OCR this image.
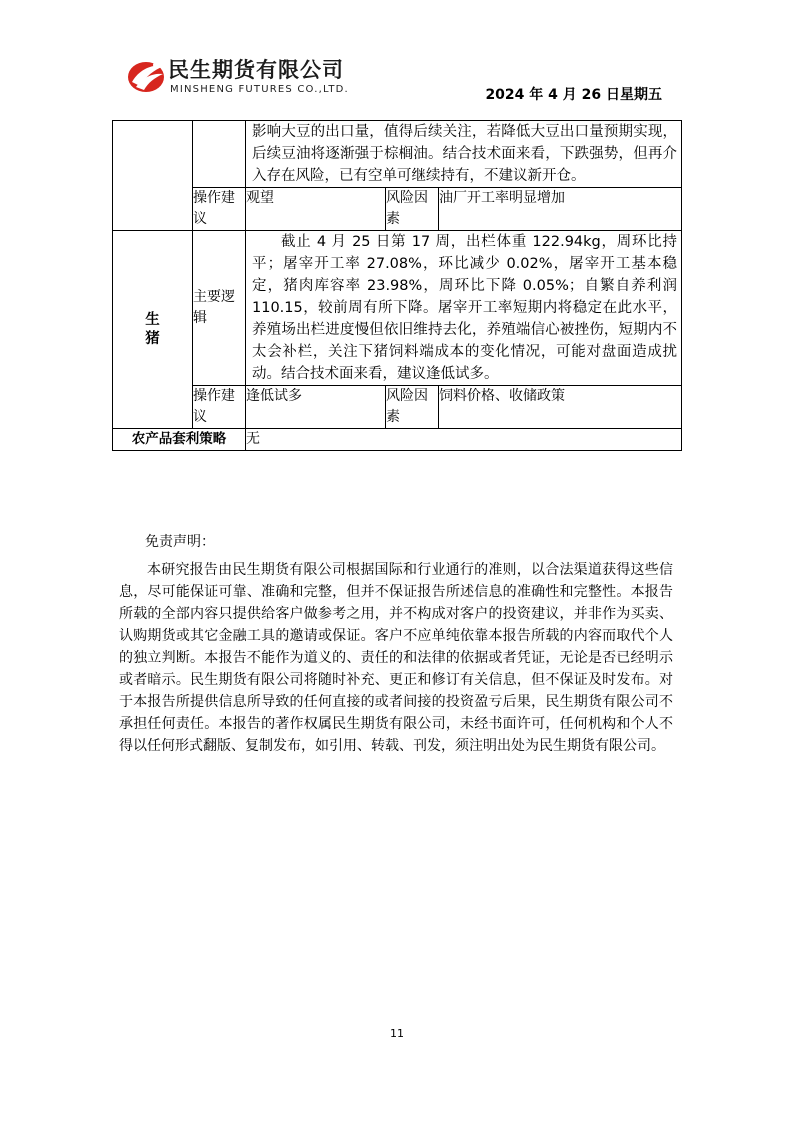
民生期货有限公司
MINSHENG FUTURES CO.,LTD.	2024 年 4 月 26 日星期五

		影响大豆的出口量，值得后续关注，若降低大豆出口量预期实现，后续豆油将逐渐强于棕榈油。结合技术面来看，下跌强势，但再介入存在风险，已有空单可继续持有，不建议新开仓。		

	操作建议	观望	风险因素	油厂开工率明显增加

生猪	主要逻辑	截止 4 月 25 日第 17 周，出栏体重 122.94kg，周环比持平；屠宰开工率 27.08%，环比减少 0.02%，屠宰开工基本稳定，猪肉库容率 23.98%，周环比下降 0.05%；自繁自养利润 110.15，较前周有所下降。屠宰开工率短期内将稳定在此水平，养殖场出栏进度慢但依旧维持去化，养殖端信心被挫伤，短期内不太会补栏，关注下猪饲料端成本的变化情况，可能对盘面造成扰动。结合技术面来看，建议逢低试多。		

	操作建议	逢低试多	风险因素	饲料价格、收储政策
农产品套利策略		无		

免责声明：

本研究报告由民生期货有限公司根据国际和行业通行的准则，以合法渠道获得这些信息，尽可能保证可靠、准确和完整，但并不保证报告所述信息的准确性和完整性。本报告所载的全部内容只提供给客户做参考之用，并不构成对客户的投资建议，并非作为买卖、认购期货或其它金融工具的邀请或保证。客户不应单纯依靠本报告所载的内容而取代个人的独立判断。本报告不能作为道义的、责任的和法律的依据或者凭证，无论是否已经明示或者暗示。民生期货有限公司将随时补充、更正和修订有关信息，但不保证及时发布。对于本报告所提供信息所导致的任何直接的或者间接的投资盈亏后果，民生期货有限公司不承担任何责任。本报告的著作权属民生期货有限公司，未经书面许可，任何机构和个人不得以任何形式翻版、复制发布，如引用、转载、刊发，须注明出处为民生期货有限公司。

11
